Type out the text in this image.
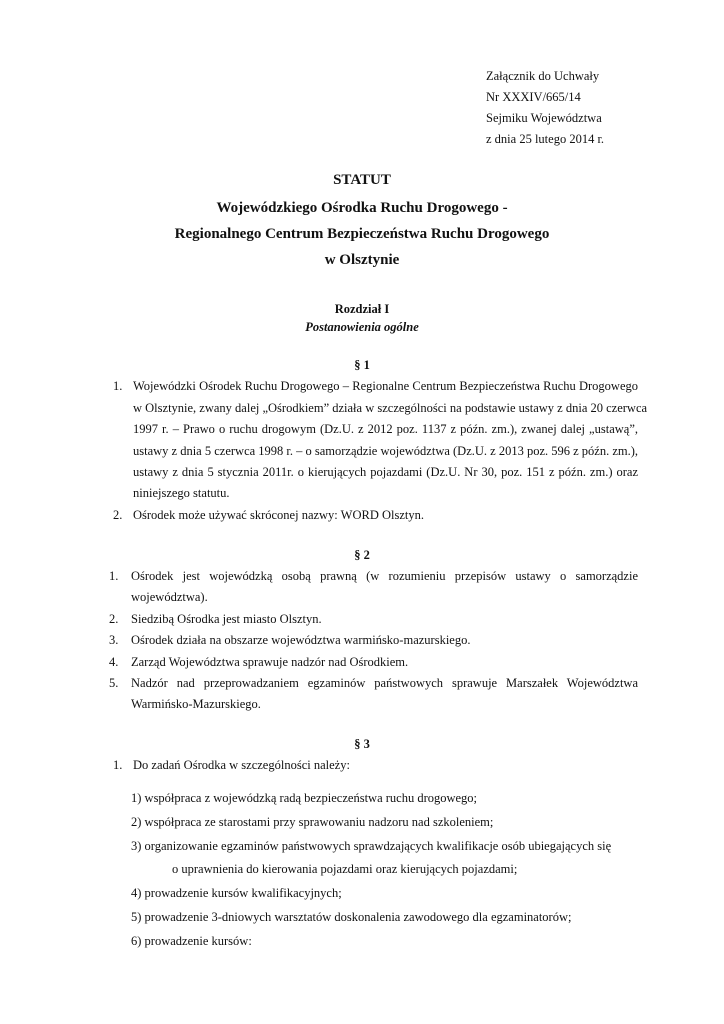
Załącznik do Uchwały
Nr XXXIV/665/14
Sejmiku Województwa
z dnia 25 lutego 2014 r.
STATUT
Wojewódzkiego Ośrodka Ruchu Drogowego -
Regionalnego Centrum Bezpieczeństwa Ruchu Drogowego
w Olsztynie
Rozdział I
Postanowienia ogólne
§ 1
1. Wojewódzki Ośrodek Ruchu Drogowego – Regionalne Centrum Bezpieczeństwa Ruchu Drogowego
w Olsztynie, zwany dalej „Ośrodkiem” działa w szczególności na podstawie ustawy z dnia 20 czerwca
1997 r. – Prawo o ruchu drogowym (Dz.U. z 2012 poz. 1137 z późn. zm.), zwanej dalej „ustawą”,
ustawy z dnia 5 czerwca 1998 r. – o samorządzie województwa (Dz.U. z 2013 poz. 596 z późn. zm.),
ustawy z dnia 5 stycznia 2011r. o kierujących pojazdami (Dz.U. Nr 30, poz. 151 z późn. zm.) oraz
niniejszego statutu.
2. Ośrodek może używać skróconej nazwy: WORD Olsztyn.
§ 2
1. Ośrodek jest wojewódzką osobą prawną (w rozumieniu przepisów ustawy o samorządzie
województwa).
2. Siedzibą Ośrodka jest miasto Olsztyn.
3. Ośrodek działa na obszarze województwa warmińsko-mazurskiego.
4. Zarząd Województwa sprawuje nadzór nad Ośrodkiem.
5. Nadzór nad przeprowadzaniem egzaminów państwowych sprawuje Marszałek Województwa
Warmińsko-Mazurskiego.
§ 3
1. Do zadań Ośrodka w szczególności należy:
1) współpraca z wojewódzką radą bezpieczeństwa ruchu drogowego;
2) współpraca ze starostami przy sprawowaniu nadzoru nad szkoleniem;
3) organizowanie egzaminów państwowych sprawdzających kwalifikacje osób ubiegających się
o uprawnienia do kierowania pojazdami oraz kierujących pojazdami;
4) prowadzenie kursów kwalifikacyjnych;
5) prowadzenie 3-dniowych warsztatów doskonalenia zawodowego dla egzaminatorów;
6) prowadzenie kursów:
